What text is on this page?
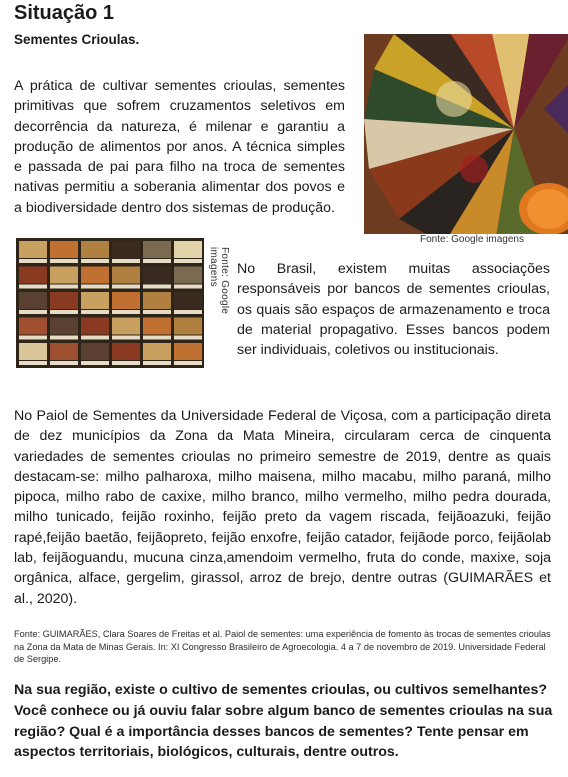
Situação 1
Sementes Crioulas.
A prática de cultivar sementes crioulas, sementes primitivas que sofrem cruzamentos seletivos em decorrência da natureza, é milenar e garantiu a produção de alimentos por anos. A técnica simples e passada de pai para filho na troca de sementes nativas permitiu a soberania alimentar dos povos e a biodiversidade dentro dos sistemas de produção.
Fonte: Google imagens
Fonte: Google imagens	No Brasil, existem muitas associações responsáveis por bancos de sementes crioulas, os quais são espaços de armazenamento e troca de material propagativo. Esses bancos podem ser individuais, coletivos ou institucionais.
No Paiol de Sementes da Universidade Federal de Viçosa, com a participação direta de dez municípios da Zona da Mata Mineira, circularam cerca de cinquenta variedades de sementes crioulas no primeiro semestre de 2019, dentre as quais destacam-se: milho palharoxa, milho maisena, milho macabu, milho paraná, milho pipoca, milho rabo de caxixe, milho branco, milho vermelho, milho pedra dourada, milho tunicado, feijão roxinho, feijão preto da vagem riscada, feijãoazuki, feijão rapé,feijão baetão, feijãopreto, feijão enxofre, feijão catador, feijãode porco, feijãolab lab, feijãoguandu, mucuna cinza,amendoim vermelho, fruta do conde, maxixe, soja orgânica, alface, gergelim, girassol, arroz de brejo, dentre outras (GUIMARÃES et al., 2020).
Fonte: GUIMARÃES, Clara Soares de Freitas et al. Paiol de sementes: uma experiência de fomento às trocas de sementes crioulas na Zona da Mata de Minas Gerais. In: XI Congresso Brasileiro de Agroecologia. 4 a 7 de novembro de 2019. Universidade Federal de Sergipe.
Na sua região, existe o cultivo de sementes crioulas, ou cultivos semelhantes? Você conhece ou já ouviu falar sobre algum banco de sementes crioulas na sua região? Qual é a importância desses bancos de sementes? Tente pensar em aspectos territoriais, biológicos, culturais, dentre outros.
